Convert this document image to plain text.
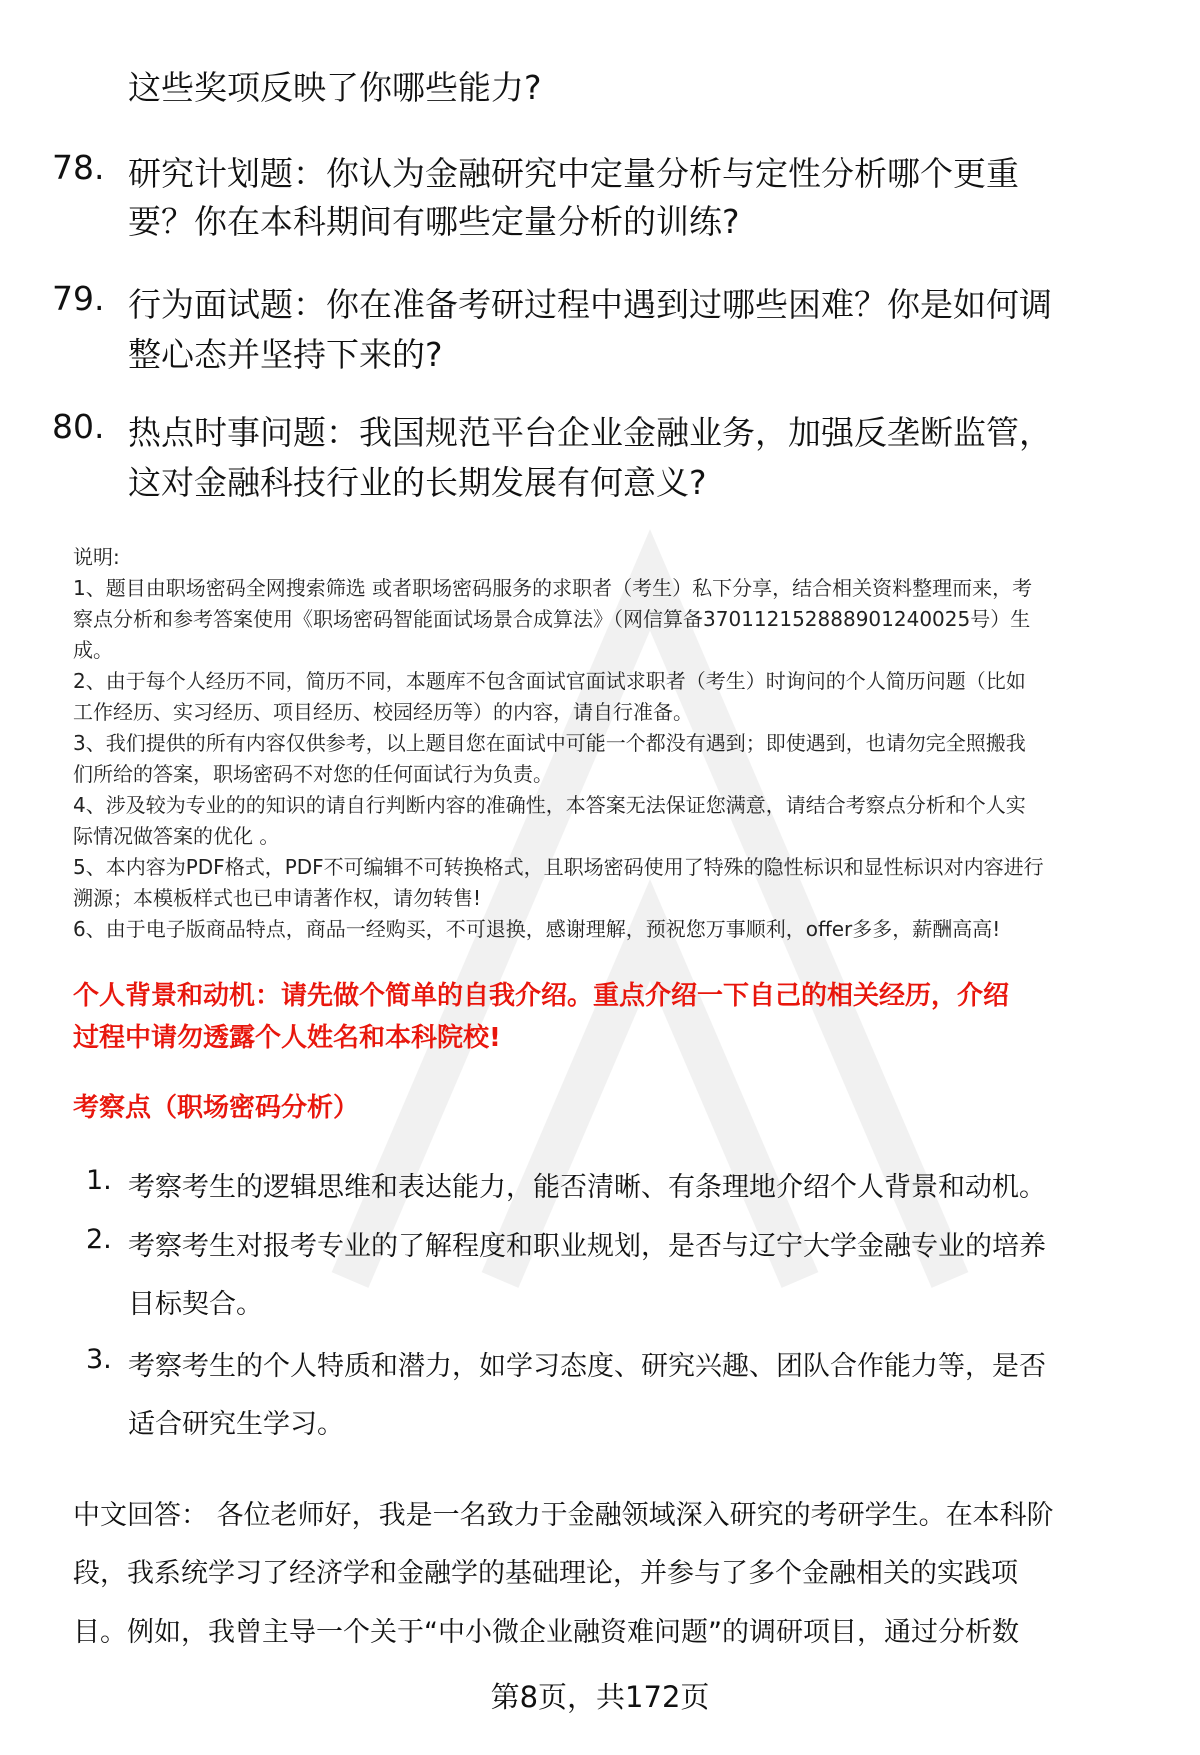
这些奖项反映了你哪些能力?
78. 研究计划题：你认为金融研究中定量分析与定性分析哪个更重
要？你在本科期间有哪些定量分析的训练?
79. 行为面试题：你在准备考研过程中遇到过哪些困难？你是如何调
整心态并坚持下来的?
80. 热点时事问题：我国规范平台企业金融业务，加强反垄断监管，
这对金融科技行业的长期发展有何意义?
说明:
1、题目由职场密码全网搜索筛选 或者职场密码服务的求职者（考生）私下分享，结合相关资料整理而来，考
察点分析和参考答案使用《职场密码智能面试场景合成算法》（网信算备370112152888901240025号）生
成。
2、由于每个人经历不同，简历不同，本题库不包含面试官面试求职者（考生）时询问的个人简历问题（比如
工作经历、实习经历、项目经历、校园经历等）的内容，请自行准备。
3、我们提供的所有内容仅供参考，以上题目您在面试中可能一个都没有遇到；即使遇到，也请勿完全照搬我
们所给的答案，职场密码不对您的任何面试行为负责。
4、涉及较为专业的的知识的请自行判断内容的准确性，本答案无法保证您满意，请结合考察点分析和个人实
际情况做答案的优化 。
5、本内容为PDF格式，PDF不可编辑不可转换格式，且职场密码使用了特殊的隐性标识和显性标识对内容进行
溯源；本模板样式也已申请著作权，请勿转售!
6、由于电子版商品特点，商品一经购买，不可退换，感谢理解，预祝您万事顺利，offer多多，薪酬高高!
个人背景和动机：请先做个简单的自我介绍。重点介绍一下自己的相关经历，介绍
过程中请勿透露个人姓名和本科院校!
考察点（职场密码分析）
1. 考察考生的逻辑思维和表达能力，能否清晰、有条理地介绍个人背景和动机。
2. 考察考生对报考专业的了解程度和职业规划，是否与辽宁大学金融专业的培养
目标契合。
3. 考察考生的个人特质和潜力，如学习态度、研究兴趣、团队合作能力等，是否
适合研究生学习。
中文回答： 各位老师好，我是一名致力于金融领域深入研究的考研学生。在本科阶
段，我系统学习了经济学和金融学的基础理论，并参与了多个金融相关的实践项
目。例如，我曾主导一个关于“中小微企业融资难问题”的调研项目，通过分析数
第8页，共172页
